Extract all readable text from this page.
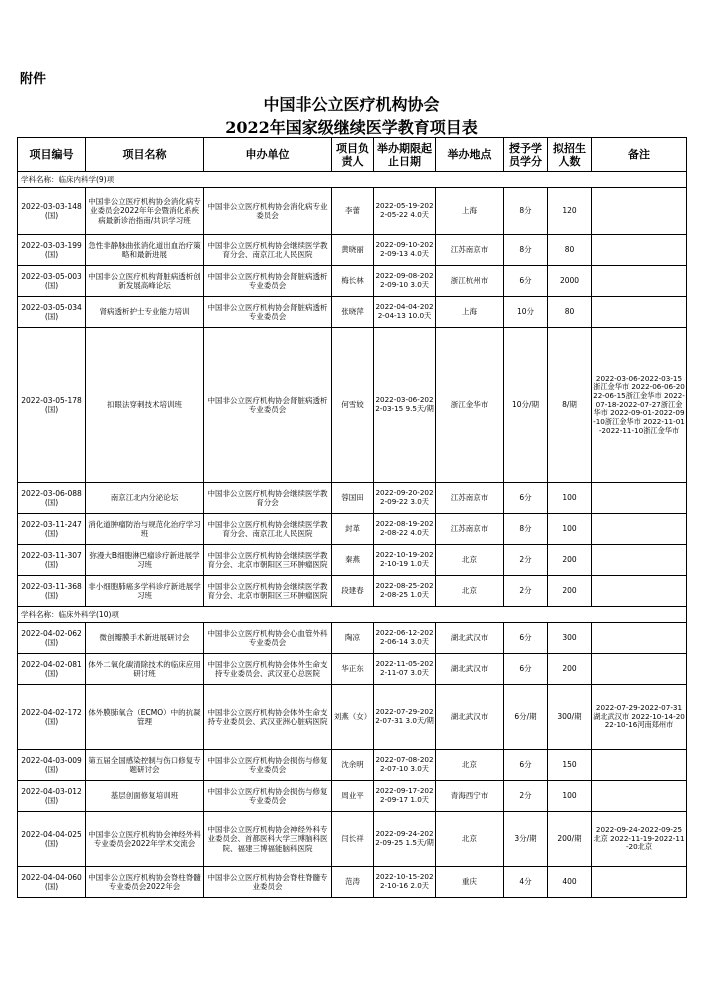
附件
中国非公立医疗机构协会
2022年国家级继续医学教育项目表
项目编号	项目名称	申办单位	项目负责人	举办期限起止日期	举办地点	授予学员学分	拟招生人数	备注
学科名称：临床内科学(9)项								
2022-03-03-148 (国)	中国非公立医疗机构协会消化病专业委员会2022年年会暨消化系疾病最新诊治指南/共识学习班	中国非公立医疗机构协会消化病专业委员会	李蕾	2022-05-19-2022-05-22 4.0天	上海	8分	120	
2022-03-03-199 (国)	急性非静脉曲张消化道出血治疗策略和最新进展	中国非公立医疗机构协会继续医学教育分会、南京江北人民医院	黄晓丽	2022-09-10-2022-09-13 4.0天	江苏南京市	8分	80	
2022-03-05-003 (国)	中国非公立医疗机构肾脏病透析创新发展高峰论坛	中国非公立医疗机构协会肾脏病透析专业委员会	梅长林	2022-09-08-2022-09-10 3.0天	浙江杭州市	6分	2000	
2022-03-05-034 (国)	肾病透析护士专业能力培训	中国非公立医疗机构协会肾脏病透析专业委员会	张晓萍	2022-04-04-2022-04-13 10.0天	上海	10分	80	
2022-03-05-178 (国)	扣眼法穿刺技术培训班	中国非公立医疗机构协会肾脏病透析专业委员会	何雪姣	2022-03-06-2022-03-15 9.5天/期	浙江金华市	10分/期	8/期	2022-03-06-2022-03-15浙江金华市 2022-06-06-2022-06-15浙江金华市 2022-07-18-2022-07-27浙江金华市 2022-09-01-2022-09-10浙江金华市 2022-11-01-2022-11-10浙江金华市
2022-03-06-088 (国)	南京江北内分泌论坛	中国非公立医疗机构协会继续医学教育分会	蓉国田	2022-09-20-2022-09-22 3.0天	江苏南京市	6分	100	
2022-03-11-247 (国)	消化道肿瘤防治与规范化治疗学习班	中国非公立医疗机构协会继续医学教育分会、南京江北人民医院	封革	2022-08-19-2022-08-22 4.0天	江苏南京市	8分	100	
2022-03-11-307 (国)	弥漫大B细胞淋巴瘤诊疗新进展学习班	中国非公立医疗机构协会继续医学教育分会、北京市朝阳区三环肿瘤医院	秦燕	2022-10-19-2022-10-19 1.0天	北京	2分	200	
2022-03-11-368 (国)	非小细胞肺癌多学科诊疗新进展学习班	中国非公立医疗机构协会继续医学教育分会、北京市朝阳区三环肿瘤医院	段建春	2022-08-25-2022-08-25 1.0天	北京	2分	200	
学科名称：临床外科学(10)项								
2022-04-02-062 (国)	微创瓣膜手术新进展研讨会	中国非公立医疗机构协会心血管外科专业委员会	陶凉	2022-06-12-2022-06-14 3.0天	湖北武汉市	6分	300	
2022-04-02-081 (国)	体外二氧化碳清除技术的临床应用研讨班	中国非公立医疗机构协会体外生命支持专业委员会、武汉亚心总医院	华正东	2022-11-05-2022-11-07 3.0天	湖北武汉市	6分	200	
2022-04-02-172 (国)	体外膜肺氧合（ECMO）中的抗凝管理	中国非公立医疗机构协会体外生命支持专业委员会、武汉亚洲心脏病医院	刘燕（女）	2022-07-29-2022-07-31 3.0天/期	湖北武汉市	6分/期	300/期	2022-07-29-2022-07-31湖北武汉市 2022-10-14-2022-10-16河南郑州市
2022-04-03-009 (国)	第五届全国感染控制与伤口修复专题研讨会	中国非公立医疗机构协会损伤与修复专业委员会	沈余明	2022-07-08-2022-07-10 3.0天	北京	6分	150	
2022-04-03-012 (国)	基层创面修复培训班	中国非公立医疗机构协会损伤与修复专业委员会	周业平	2022-09-17-2022-09-17 1.0天	青海西宁市	2分	100	
2022-04-04-025 (国)	中国非公立医疗机构协会神经外科专业委员会2022年学术交流会	中国非公立医疗机构协会神经外科专业委员会、首都医科大学三博脑科医院、福建三博福能脑科医院	闫长祥	2022-09-24-2022-09-25 1.5天/期	北京	3分/期	200/期	2022-09-24-2022-09-25北京 2022-11-19-2022-11-20北京
2022-04-04-060 (国)	中国非公立医疗机构协会脊柱脊髓专业委员会2022年会	中国非公立医疗机构协会脊柱脊髓专业委员会	范涛	2022-10-15-2022-10-16 2.0天	重庆	4分	400	
